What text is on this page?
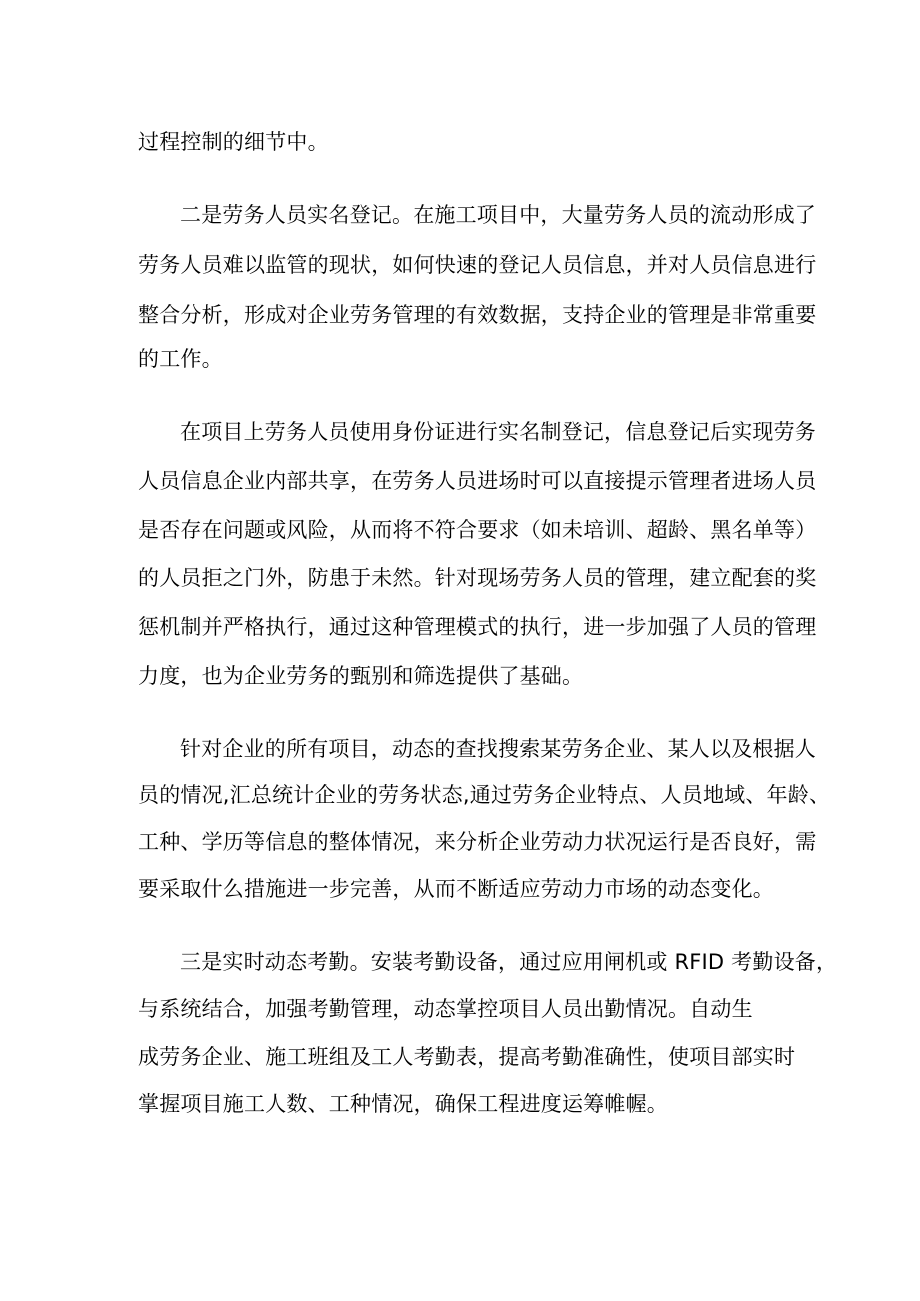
过程控制的细节中。
二是劳务人员实名登记。在施工项目中，大量劳务人员的流动形成了
劳务人员难以监管的现状，如何快速的登记人员信息，并对人员信息进行
整合分析，形成对企业劳务管理的有效数据，支持企业的管理是非常重要
的工作。
在项目上劳务人员使用身份证进行实名制登记，信息登记后实现劳务
人员信息企业内部共享，在劳务人员进场时可以直接提示管理者进场人员
是否存在问题或风险，从而将不符合要求（如未培训、超龄、黑名单等）
的人员拒之门外，防患于未然。针对现场劳务人员的管理，建立配套的奖
惩机制并严格执行，通过这种管理模式的执行，进一步加强了人员的管理
力度，也为企业劳务的甄别和筛选提供了基础。
针对企业的所有项目，动态的查找搜索某劳务企业、某人以及根据人
员的情况,汇总统计企业的劳务状态,通过劳务企业特点、人员地域、年龄、
工种、学历等信息的整体情况，来分析企业劳动力状况运行是否良好，需
要采取什么措施进一步完善，从而不断适应劳动力市场的动态变化。
三是实时动态考勤。安装考勤设备，通过应用闸机或 RFID 考勤设备，
与系统结合，加强考勤管理，动态掌控项目人员出勤情况。自动生
成劳务企业、施工班组及工人考勤表，提高考勤准确性，使项目部实时
掌握项目施工人数、工种情况，确保工程进度运筹帷幄。
